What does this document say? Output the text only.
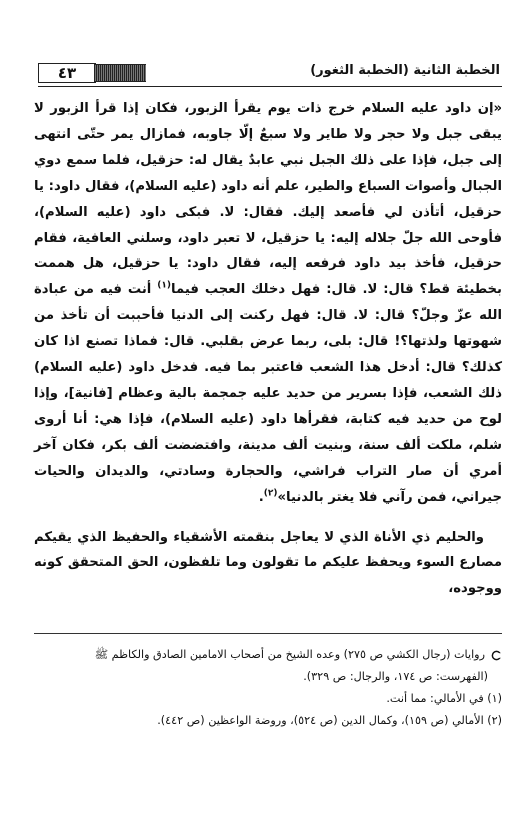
٤٣	الخطبة الثانية (الخطبة الثغور)

«إن داود عليه السلام خرج ذات يوم يقرأ الزبور، فكان إذا قرأ الزبور لا يبقى جبل ولا حجر ولا طاير ولا سبعٌ إلّا جاوبه، فمازال يمر حتّى انتهى إلى جبل، فإذا على ذلك الجبل نبي عابدٌ يقال له: حزقيل، فلما سمع دوي الجبال وأصوات السباع والطير، علم أنه داود (عليه السلام)، فقال داود: يا حزقيل، أتأذن لي فأصعد إليك. فقال: لا. فبكى داود (عليه السلام)، فأوحى الله جلّ جلاله إليه: يا حزقيل، لا تعبر داود، وسلني العافية، فقام حزقيل، فأخذ بيد داود فرفعه إليه، فقال داود: يا حزقيل، هل هممت بخطيئة قط؟ قال: لا. قال: فهل دخلك العجب فيما$^{(١)}$ أنت فيه من عبادة الله عزّ وجلّ؟ قال: لا. قال: فهل ركنت إلى الدنيا فأحببت أن تأخذ من شهوتها ولذتها؟! قال: بلى، ربما عرض بقلبي. قال: فماذا تصنع اذا كان كذلك؟ قال: أدخل هذا الشعب فاعتبر بما فيه. فدخل داود (عليه السلام) ذلك الشعب، فإذا بسرير من حديد عليه جمجمة بالية وعظام [فانية]، وإذا لوح من حديد فيه كتابة، فقرأها داود (عليه السلام)، فإذا هي: أنا أروى شلم، ملكت ألف سنة، وبنيت ألف مدينة، وافتضضت ألف بكر، فكان آخر أمري أن صار التراب فراشي، والحجارة وسادتي، والديدان والحيات جيراني، فمن رآني فلا يغتر بالدنيا»$^{(٢)}$.

والحليم ذي الأناة الذي لا يعاجل بنقمته الأشقياء والحفيظ الذي يقيكم مصارع السوء ويحفظ عليكم ما تقولون وما تلفظون، الحق المتحقق كونه ووجوده،

روايات (رجال الكشي ص ٢٧٥) وعده الشيخ من أصحاب الامامين الصادق والكاظم ﷺ

(الفهرست: ص ١٧٤، والرجال: ص ٣٢٩).

(١) في الأمالي: مما أنت.

(٢) الأمالي (ص ١٥٩)، وكمال الدين (ص ٥٢٤)، وروضة الواعظين (ص ٤٤٢).
